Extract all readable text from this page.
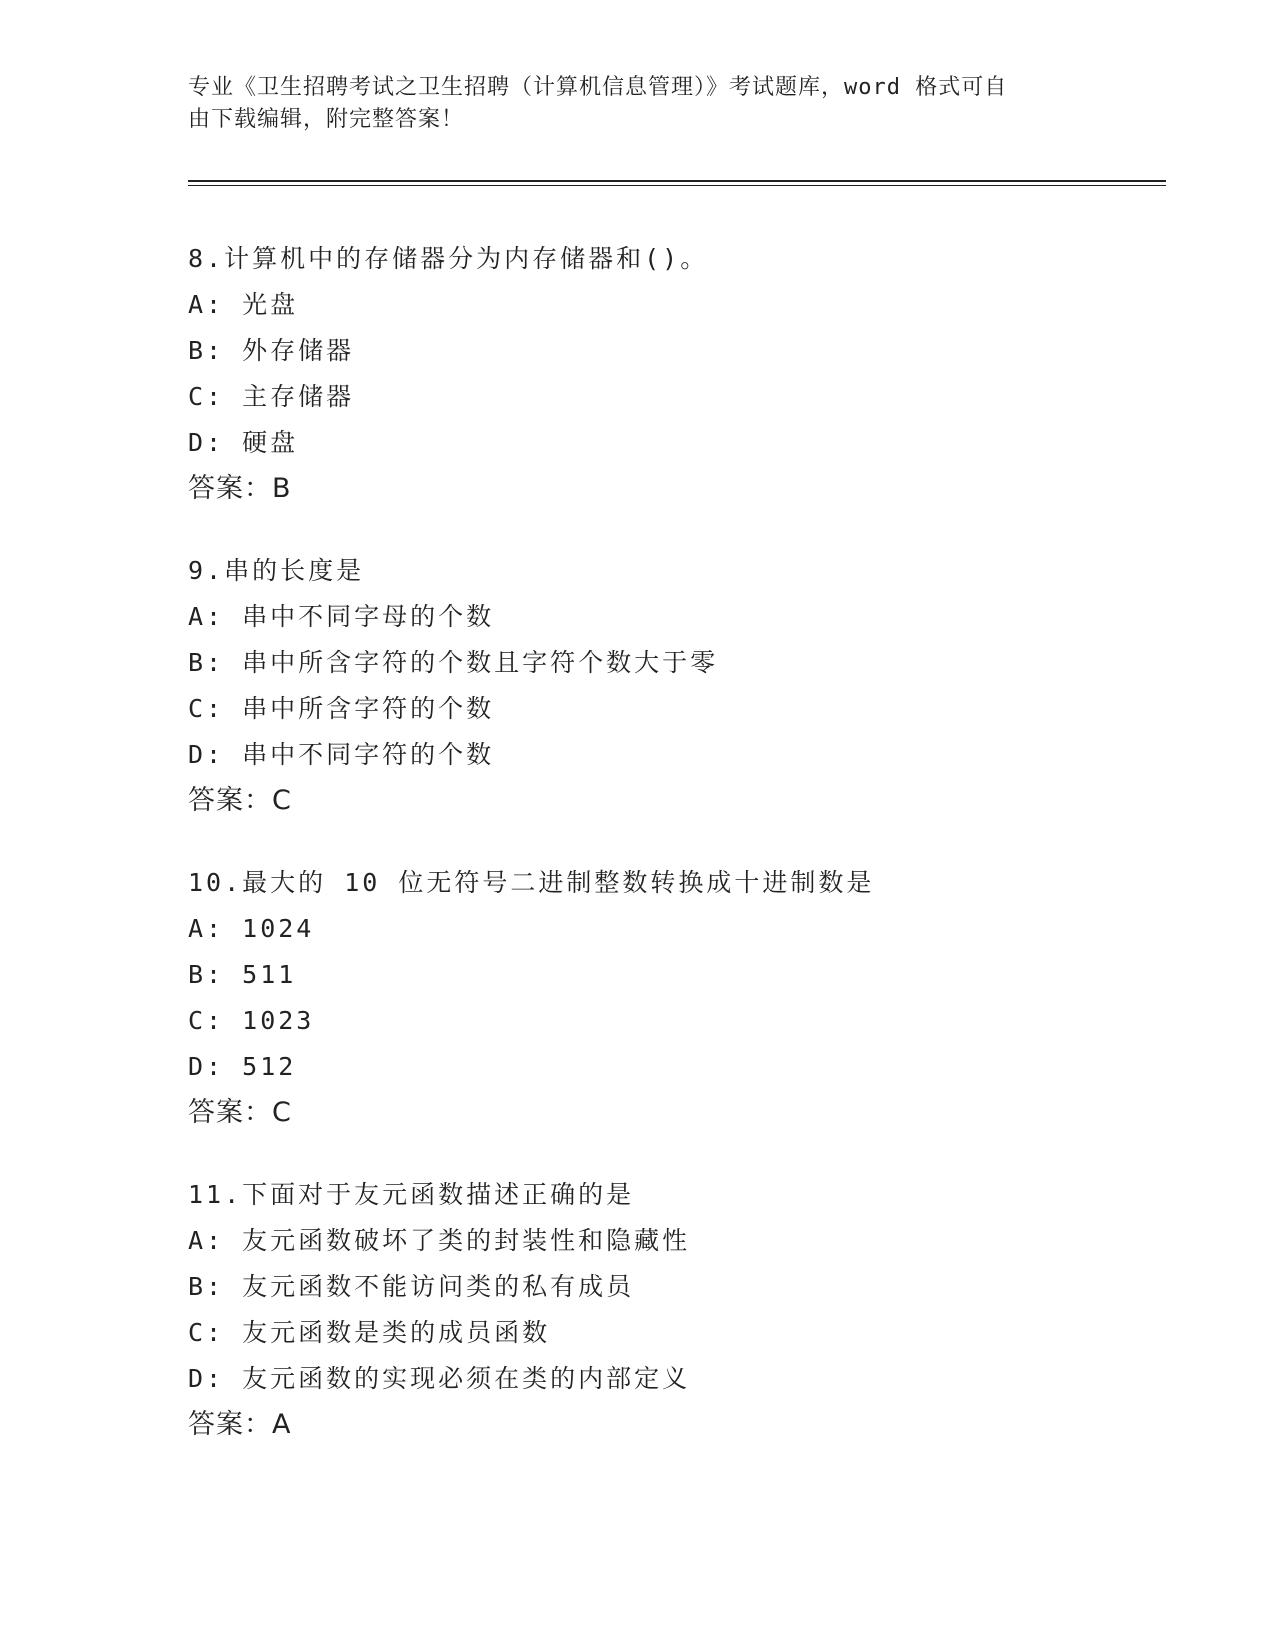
专业《卫生招聘考试之卫生招聘（计算机信息管理）》考试题库，word 格式可自
由下载编辑，附完整答案！
8.计算机中的存储器分为内存储器和()。
A: 光盘
B: 外存储器
C: 主存储器
D: 硬盘
答案：B
9.串的长度是
A: 串中不同字母的个数
B: 串中所含字符的个数且字符个数大于零
C: 串中所含字符的个数
D: 串中不同字符的个数
答案：C
10.最大的 10 位无符号二进制整数转换成十进制数是
A: 1024
B: 511
C: 1023
D: 512
答案：C
11.下面对于友元函数描述正确的是
A: 友元函数破坏了类的封装性和隐藏性
B: 友元函数不能访问类的私有成员
C: 友元函数是类的成员函数
D: 友元函数的实现必须在类的内部定义
答案：A
